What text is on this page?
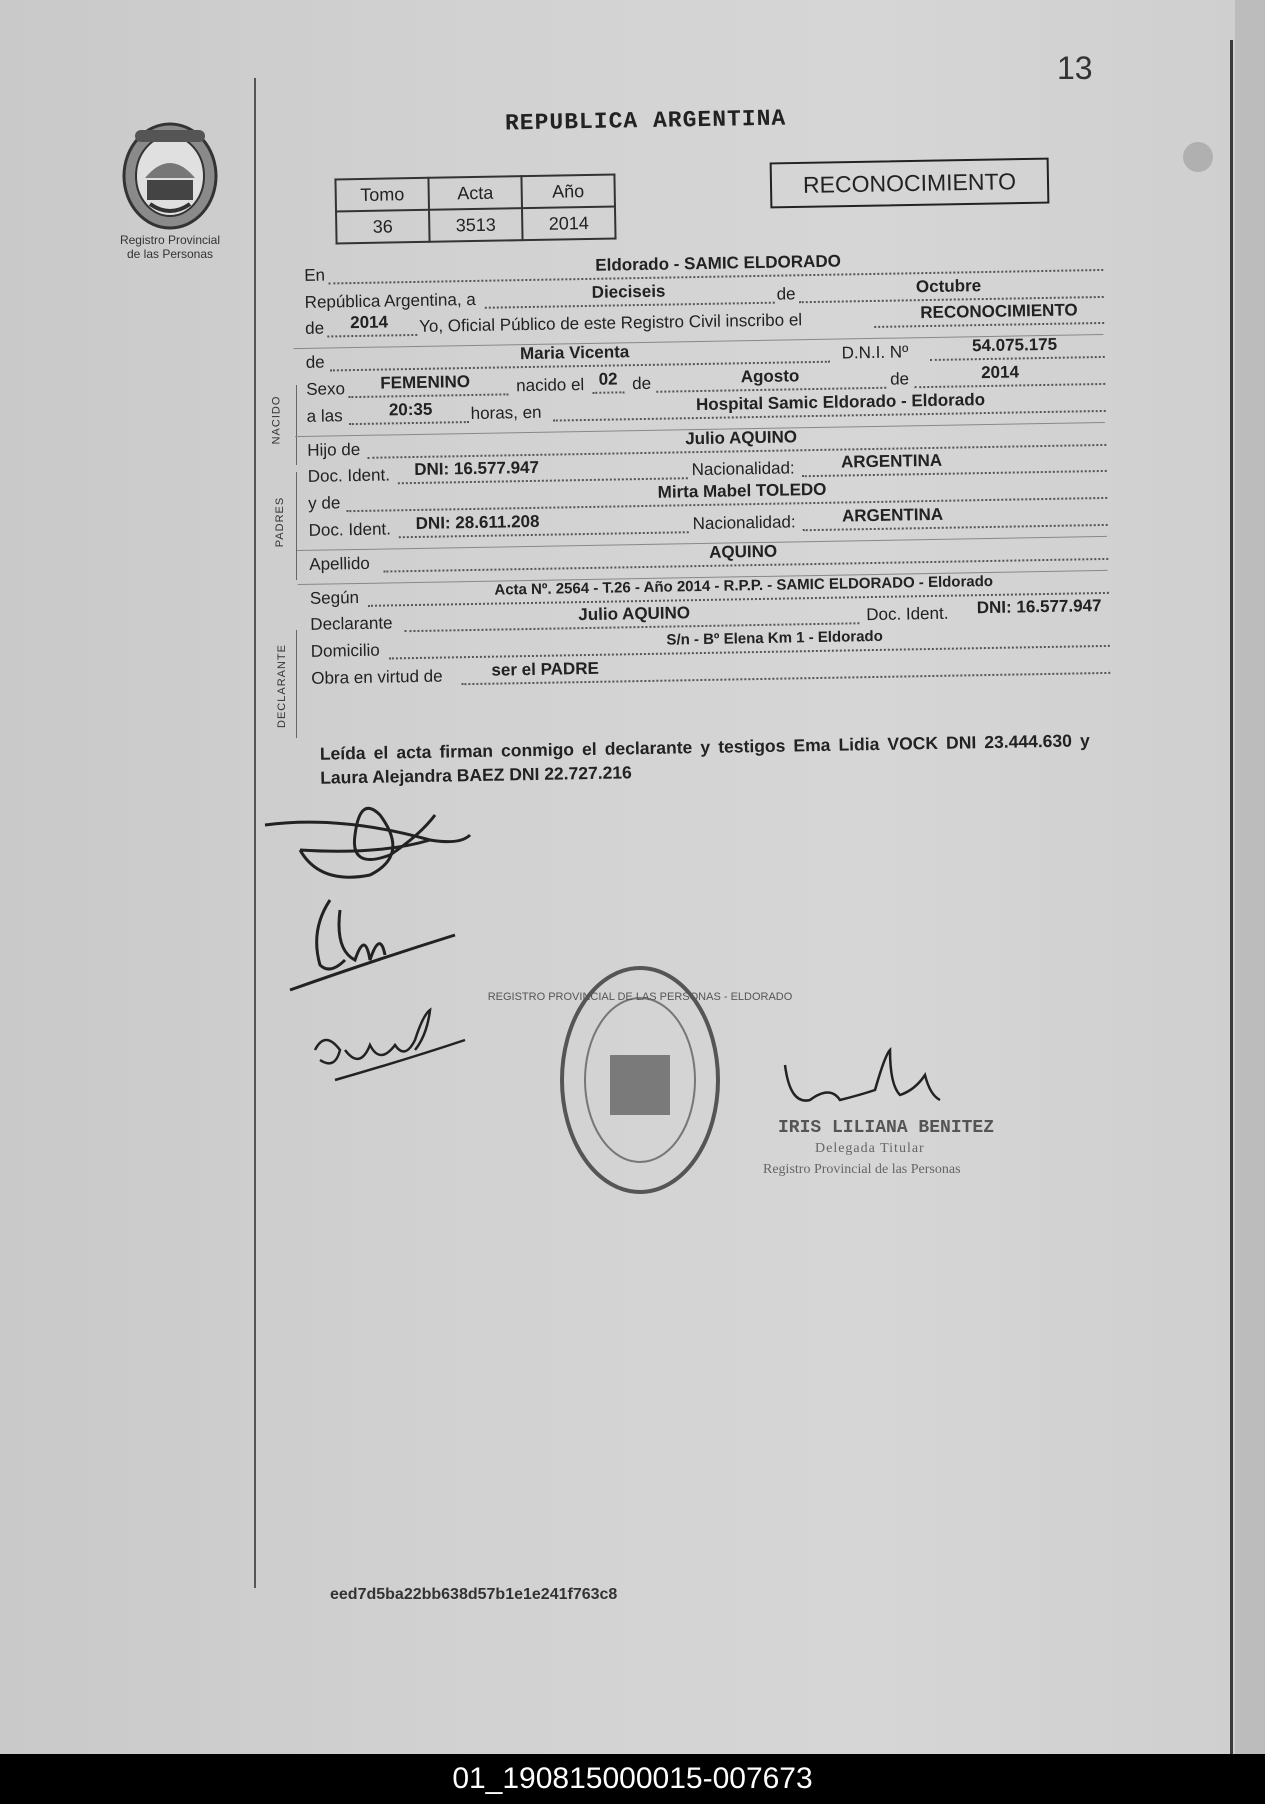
13
Registro Provincial
de las Personas
REPUBLICA ARGENTINA
Tomo	Acta	Año
36	3513	2014
RECONOCIMIENTO
NACIDO
PADRES
DECLARANTE
En
Eldorado - SAMIC ELDORADO
República Argentina, a	Dieciseis	de	Octubre
de 2014 Yo, Oficial Público de este Registro Civil inscribo el	RECONOCIMIENTO
de	Maria Vicenta	D.N.I. Nº	54.075.175
Sexo FEMENINO	nacido el 02 de	Agosto	de	2014
a las	20:35 horas, en	Hospital Samic Eldorado - Eldorado
Hijo de
Julio AQUINO
Doc. Ident. DNI: 16.577.947	Nacionalidad:	ARGENTINA
y de
Mirta Mabel TOLEDO
Doc. Ident. DNI: 28.611.208	Nacionalidad:	ARGENTINA
Apellido
AQUINO
Según	Acta Nº. 2564 - T.26 - Año 2014 - R.P.P. - SAMIC ELDORADO - Eldorado
Declarante	Julio AQUINO	Doc. Ident. DNI: 16.577.947
Domicilio
S/n - Bº Elena Km 1 - Eldorado
Obra en virtud de	ser el PADRE
Leída el acta firman conmigo el declarante y testigos Ema Lidia VOCK DNI 23.444.630 y Laura Alejandra BAEZ DNI 22.727.216
REGISTRO PROVINCIAL DE LAS PERSONAS - ELDORADO
IRIS LILIANA BENITEZ
Delegada Titular
Registro Provincial de las Personas
eed7d5ba22bb638d57b1e1e241f763c8
01_190815000015-007673
